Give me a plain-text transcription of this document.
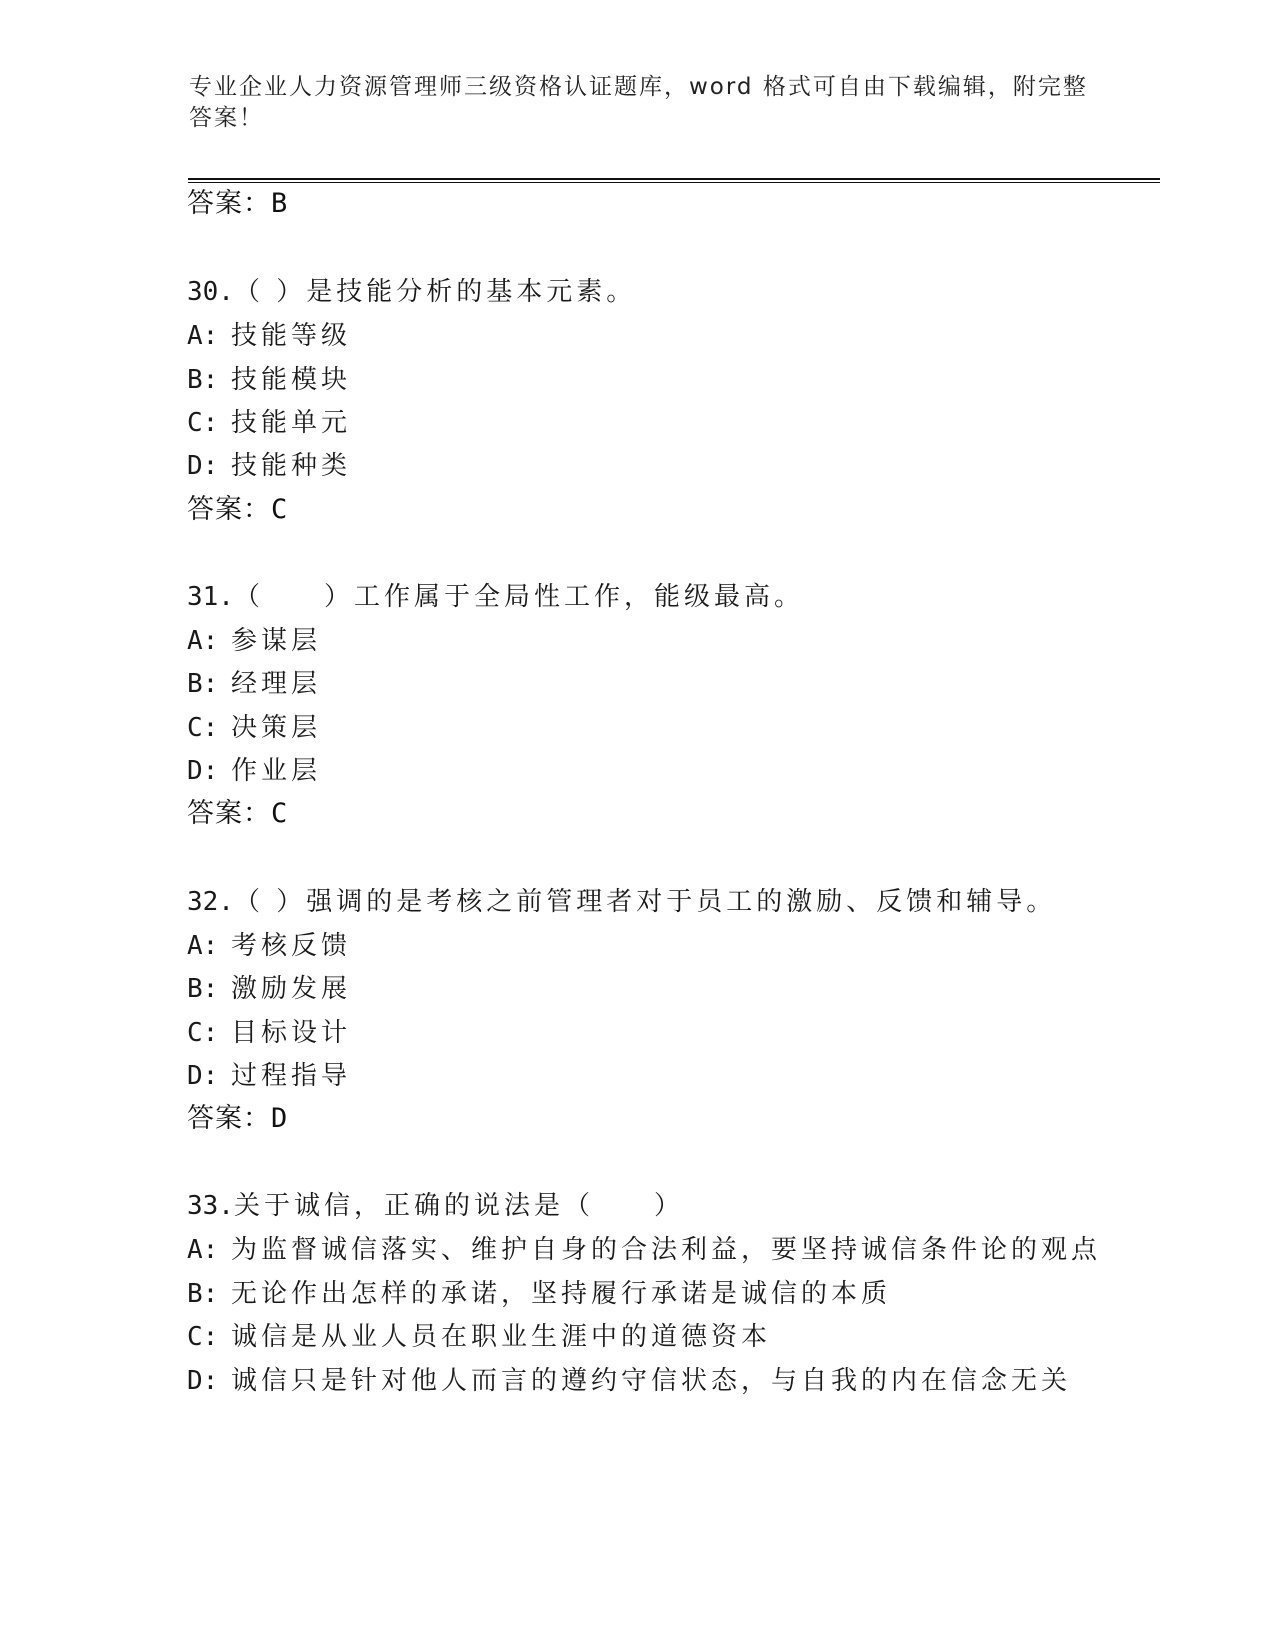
专业企业人力资源管理师三级资格认证题库，word 格式可自由下载编辑，附完整答案！
答案：B
30.（ ）是技能分析的基本元素。
A: 技能等级
B: 技能模块
C: 技能单元
D: 技能种类
答案：C
31.（　　）工作属于全局性工作，能级最高。
A: 参谋层
B: 经理层
C: 决策层
D: 作业层
答案：C
32.（ ）强调的是考核之前管理者对于员工的激励、反馈和辅导。
A: 考核反馈
B: 激励发展
C: 目标设计
D: 过程指导
答案：D
33.关于诚信，正确的说法是（　　）
A: 为监督诚信落实、维护自身的合法利益，要坚持诚信条件论的观点
B: 无论作出怎样的承诺，坚持履行承诺是诚信的本质
C: 诚信是从业人员在职业生涯中的道德资本
D: 诚信只是针对他人而言的遵约守信状态，与自我的内在信念无关
